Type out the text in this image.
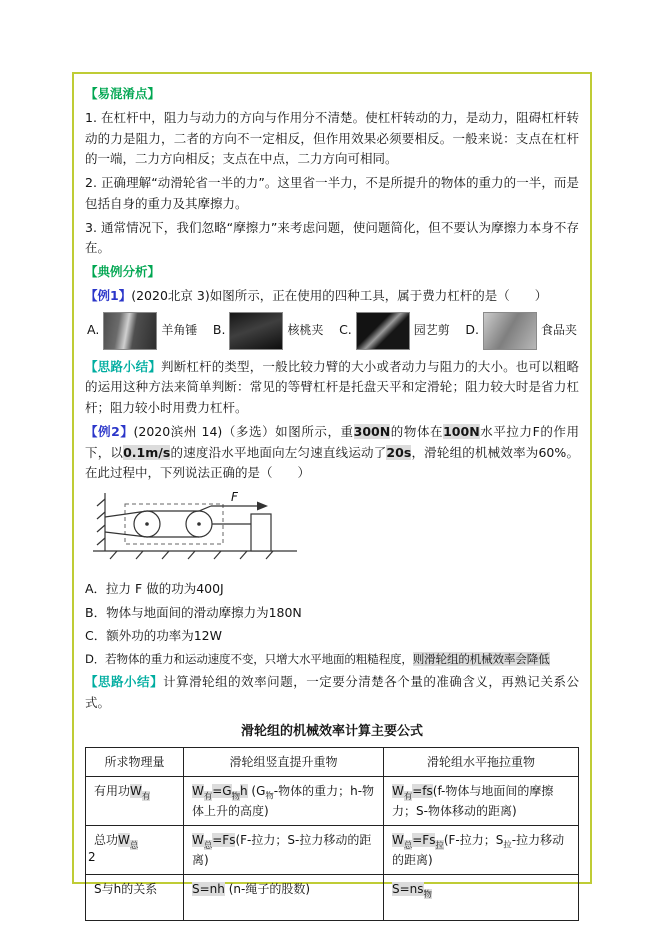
【易混淆点】

1. 在杠杆中，阻力与动力的方向与作用分不清楚。使杠杆转动的力，是动力，阻碍杠杆转动的力是阻力，二者的方向不一定相反，但作用效果必须要相反。一般来说：支点在杠杆的一端，二力方向相反；支点在中点，二力方向可相同。

2. 正确理解“动滑轮省一半的力”。这里省一半力，不是所提升的物体的重力的一半，而是包括自身的重力及其摩擦力。

3. 通常情况下，我们忽略“摩擦力”来考虑问题，使问题简化，但不要认为摩擦力本身不存在。

【典例分析】

【例1】(2020北京 3)如图所示，正在使用的四种工具，属于费力杠杆的是（　　）

A.	羊角锤 B.	核桃夹 C.	园艺剪 D.	食品夹

【思路小结】判断杠杆的类型，一般比较力臂的大小或者动力与阻力的大小。也可以粗略的运用这种方法来简单判断：常见的等臂杠杆是托盘天平和定滑轮；阻力较大时是省力杠杆；阻力较小时用费力杠杆。

【例2】(2020滨州 14)（多选）如图所示，重300N的物体在100N水平拉力F的作用下，以0.1m/s的速度沿水平地面向左匀速直线运动了20s，滑轮组的机械效率为60%。在此过程中，下列说法正确的是（　　）

F

A．拉力 F 做的功为400J

B．物体与地面间的滑动摩擦力为180N

C．额外功的功率为12W

D．若物体的重力和运动速度不变，只增大水平地面的粗糙程度，则滑轮组的机械效率会降低

【思路小结】计算滑轮组的效率问题，一定要分清楚各个量的准确含义，再熟记关系公式。

滑轮组的机械效率计算主要公式
所求物理量	滑轮组竖直提升重物	滑轮组水平拖拉重物
有用功$W_有$	$W_有=G_物h$ ($G_物-$物体的重力；h-物体上升的高度)	$W_有=fs(f-$物体与地面间的摩擦力；S-物体移动的距离)
总功$W_总$	$W_总=Fs(F-$拉力；S-拉力移动的距离)	$W_总=Fs_拉(F-$拉力；$S_拉-$拉力移动的距离)
S与h的关系	S=nh (n-绳子的股数)	$S=ns_物$
2
